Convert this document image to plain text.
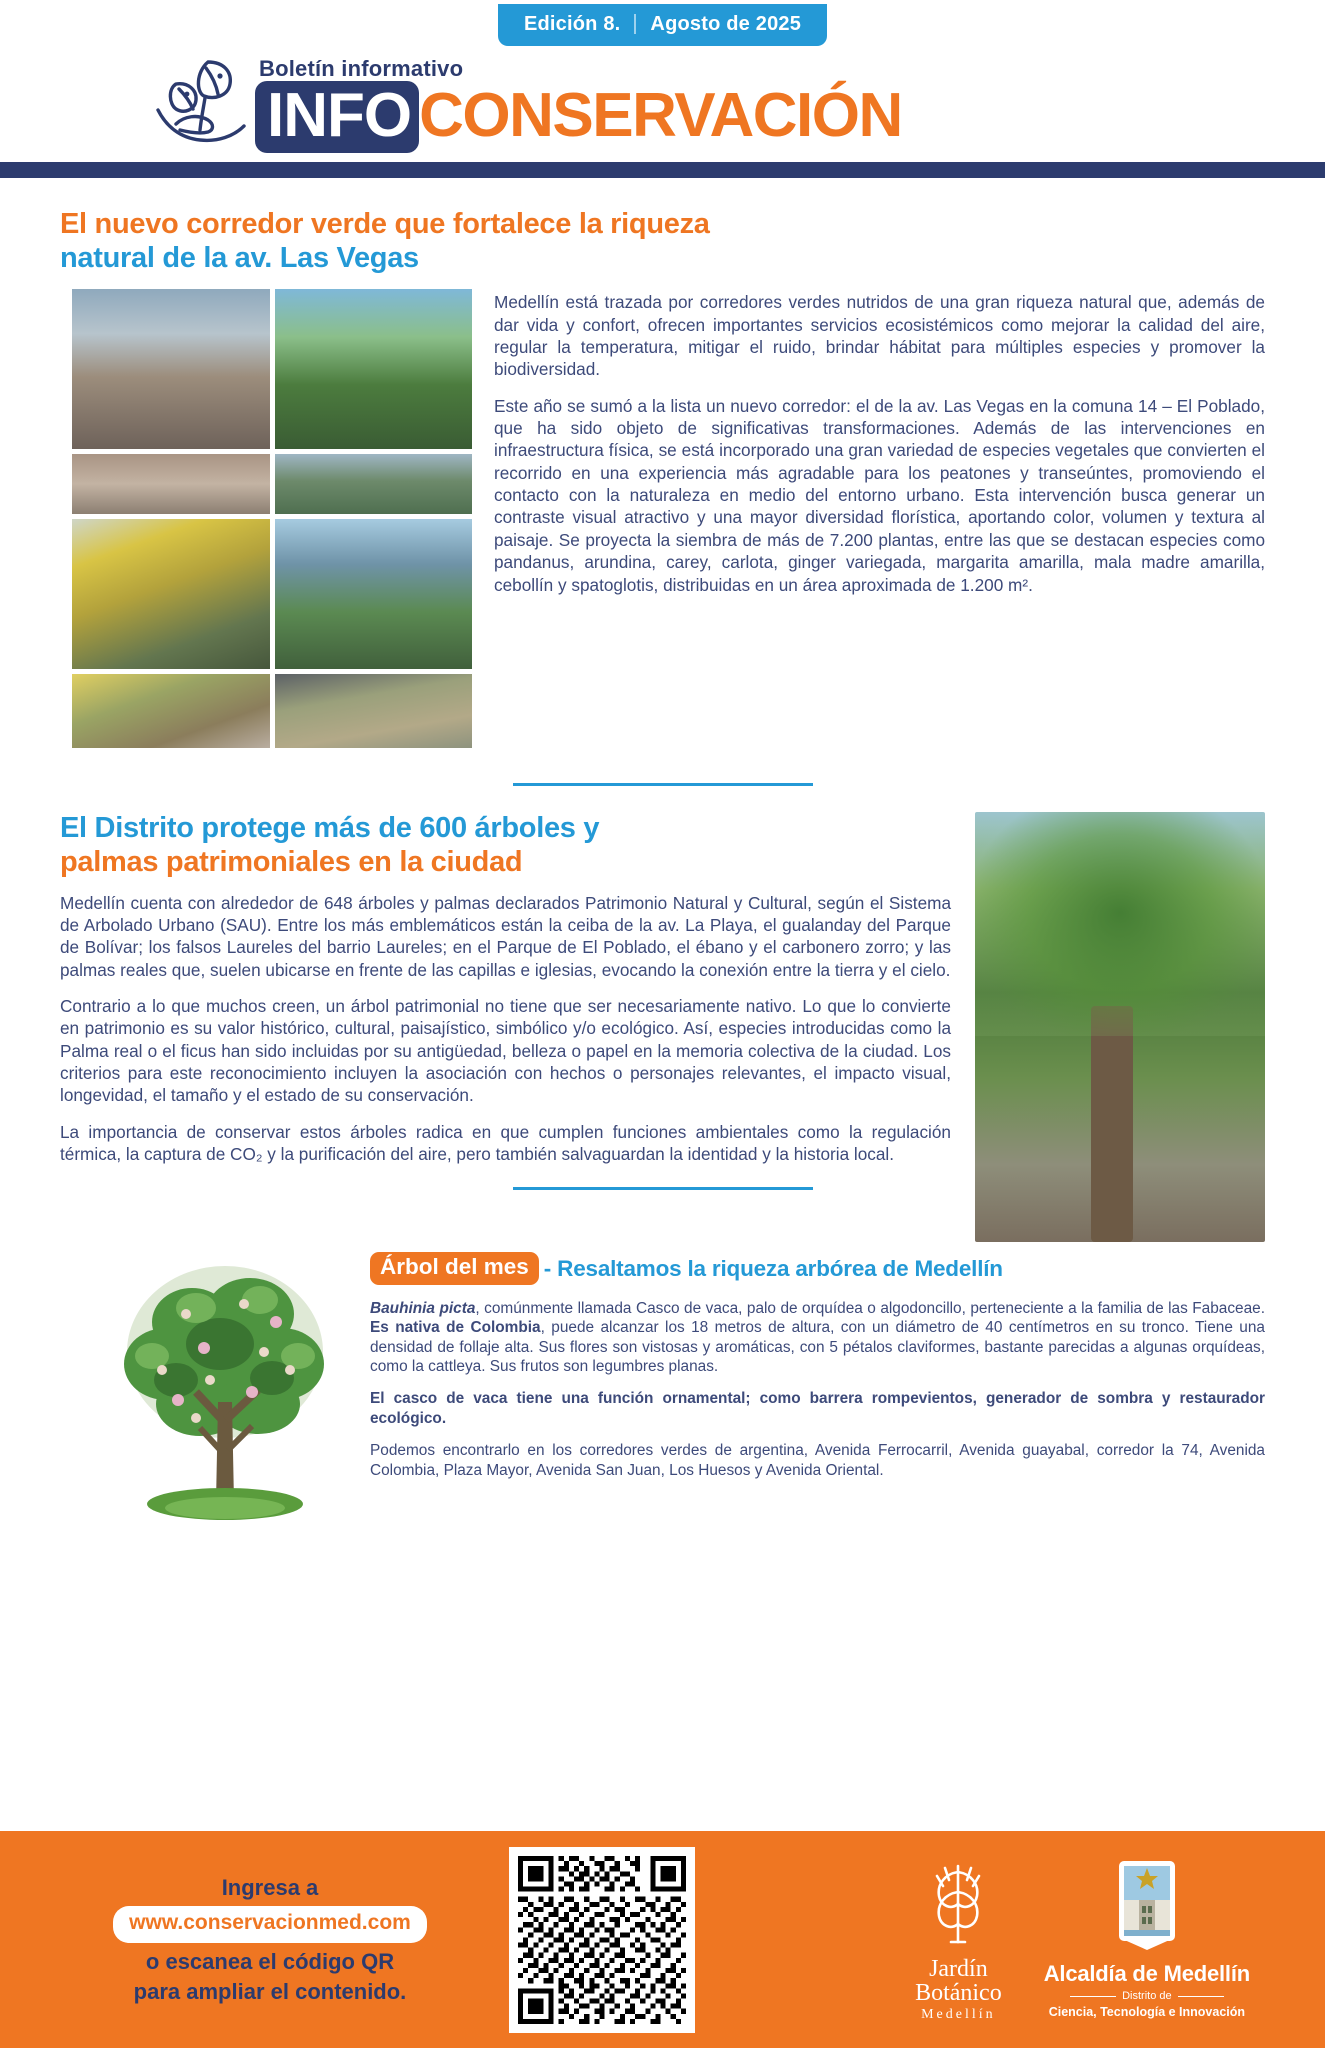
Edición 8. Agosto de 2025
Boletín informativo
INFO CONSERVACIÓN
El nuevo corredor verde que fortalece la riqueza
natural de la av. Las Vegas

Medellín está trazada por corredores verdes nutridos de una gran riqueza natural que, además de dar vida y confort, ofrecen importantes servicios ecosistémicos como mejorar la calidad del aire, regular la temperatura, mitigar el ruido, brindar hábitat para múltiples especies y promover la biodiversidad.

Este año se sumó a la lista un nuevo corredor: el de la av. Las Vegas en la comuna 14 – El Poblado, que ha sido objeto de significativas transformaciones. Además de las intervenciones en infraestructura física, se está incorporado una gran variedad de especies vegetales que convierten el recorrido en una experiencia más agradable para los peatones y transeúntes, promoviendo el contacto con la naturaleza en medio del entorno urbano. Esta intervención busca generar un contraste visual atractivo y una mayor diversidad florística, aportando color, volumen y textura al paisaje. Se proyecta la siembra de más de 7.200 plantas, entre las que se destacan especies como pandanus, arundina, carey, carlota, ginger variegada, margarita amarilla, mala madre amarilla, cebollín y spatoglotis, distribuidas en un área aproximada de 1.200 m².

El Distrito protege más de 600 árboles y
palmas patrimoniales en la ciudad

Medellín cuenta con alrededor de 648 árboles y palmas declarados Patrimonio Natural y Cultural, según el Sistema de Arbolado Urbano (SAU). Entre los más emblemáticos están la ceiba de la av. La Playa, el gualanday del Parque de Bolívar; los falsos Laureles del barrio Laureles; en el Parque de El Poblado, el ébano y el carbonero zorro; y las palmas reales que, suelen ubicarse en frente de las capillas e iglesias, evocando la conexión entre la tierra y el cielo.

Contrario a lo que muchos creen, un árbol patrimonial no tiene que ser necesariamente nativo. Lo que lo convierte en patrimonio es su valor histórico, cultural, paisajístico, simbólico y/o ecológico. Así, especies introducidas como la Palma real o el ficus han sido incluidas por su antigüedad, belleza o papel en la memoria colectiva de la ciudad. Los criterios para este reconocimiento incluyen la asociación con hechos o personajes relevantes, el impacto visual, longevidad, el tamaño y el estado de su conservación.

La importancia de conservar estos árboles radica en que cumplen funciones ambientales como la regulación térmica, la captura de CO₂ y la purificación del aire, pero también salvaguardan la identidad y la historia local.

Árbol del mes - Resaltamos la riqueza arbórea de Medellín

Bauhinia picta, comúnmente llamada Casco de vaca, palo de orquídea o algodoncillo, perteneciente a la familia de las Fabaceae. Es nativa de Colombia, puede alcanzar los 18 metros de altura, con un diámetro de 40 centímetros en su tronco. Tiene una densidad de follaje alta. Sus flores son vistosas y aromáticas, con 5 pétalos claviformes, bastante parecidas a algunas orquídeas, como la cattleya. Sus frutos son legumbres planas.

El casco de vaca tiene una función ornamental; como barrera rompevientos, generador de sombra y restaurador ecológico.

Podemos encontrarlo en los corredores verdes de argentina, Avenida Ferrocarril, Avenida guayabal, corredor la 74, Avenida Colombia, Plaza Mayor, Avenida San Juan, Los Huesos y Avenida Oriental.

Ingresa a
www.conservacionmed.com
o escanea el código QR
para ampliar el contenido.
Jardín
Botánico
Medellín
Alcaldía de Medellín
Distrito de
Ciencia, Tecnología e Innovación
